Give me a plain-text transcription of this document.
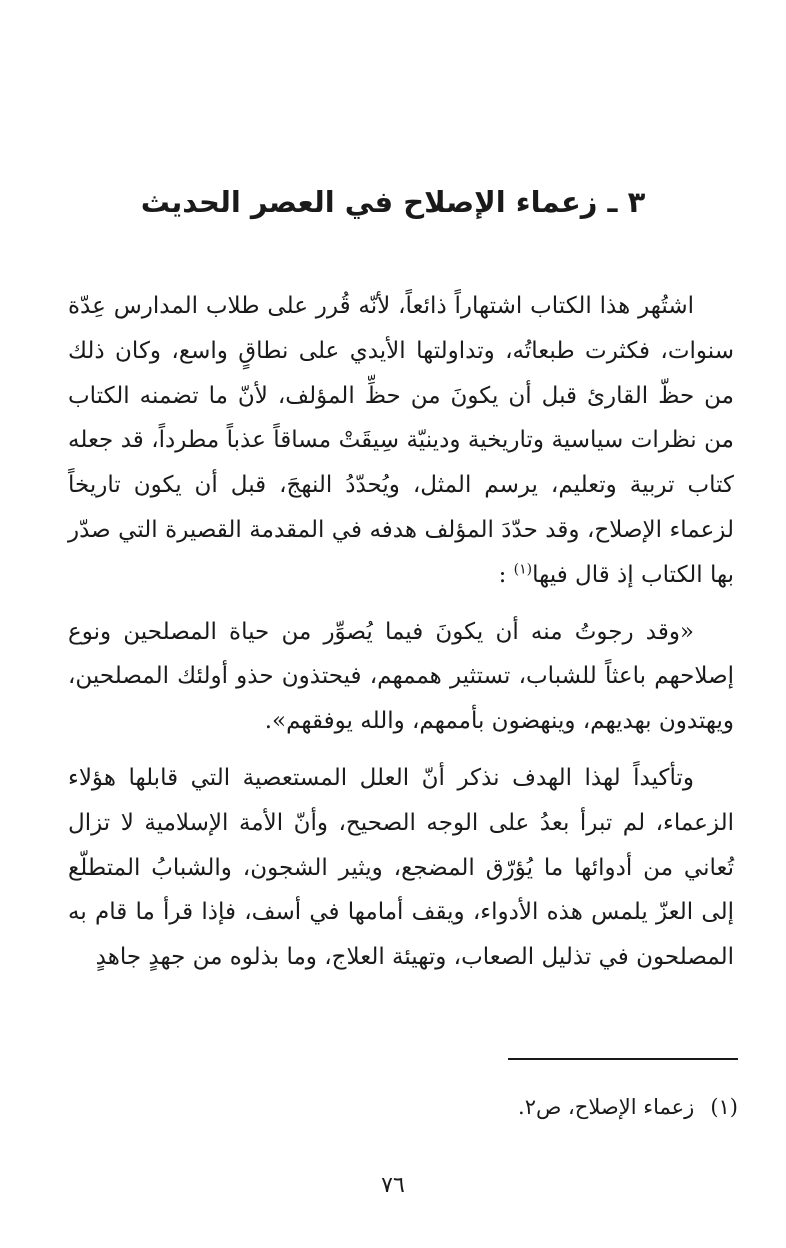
٣ ـ زعماء الإصلاح في العصر الحديث

اشتُهر هذا الكتاب اشتهاراً ذائعاً، لأنّه قُرر على طلاب المدارس عِدّة سنوات، فكثرت طبعاتُه، وتداولتها الأيدي على نطاقٍ واسع، وكان ذلك من حظّ القارئ قبل أن يكونَ من حظِّ المؤلف، لأنّ ما تضمنه الكتاب من نظرات سياسية وتاريخية ودينيّة سِيقَتْ مساقاً عذباً مطرداً، قد جعله كتاب تربية وتعليم، يرسم المثل، ويُحدّدُ النهجَ، قبل أن يكون تاريخاً لزعماء الإصلاح، وقد حدّدَ المؤلف هدفه في المقدمة القصيرة التي صدّر بها الكتاب إذ قال فيها$^{(١)}$ :

«وقد رجوتُ منه أن يكونَ فيما يُصوِّر من حياة المصلحين ونوع إصلاحهم باعثاً للشباب، تستثير هممهم، فيحتذون حذو أولئك المصلحين، ويهتدون بهديهم، وينهضون بأممهم، والله يوفقهم».

وتأكيداً لهذا الهدف نذكر أنّ العلل المستعصية التي قابلها هؤلاء الزعماء، لم تبرأ بعدُ على الوجه الصحيح، وأنّ الأمة الإسلامية لا تزال تُعاني من أدوائها ما يُؤرّق المضجع، ويثير الشجون، والشبابُ المتطلّع إلى العزّ يلمس هذه الأدواء، ويقف أمامها في أسف، فإذا قرأ ما قام به المصلحون في تذليل الصعاب، وتهيئة العلاج، وما بذلوه من جهدٍ جاهدٍ

(١)زعماء الإصلاح، ص٢.
٧٦
